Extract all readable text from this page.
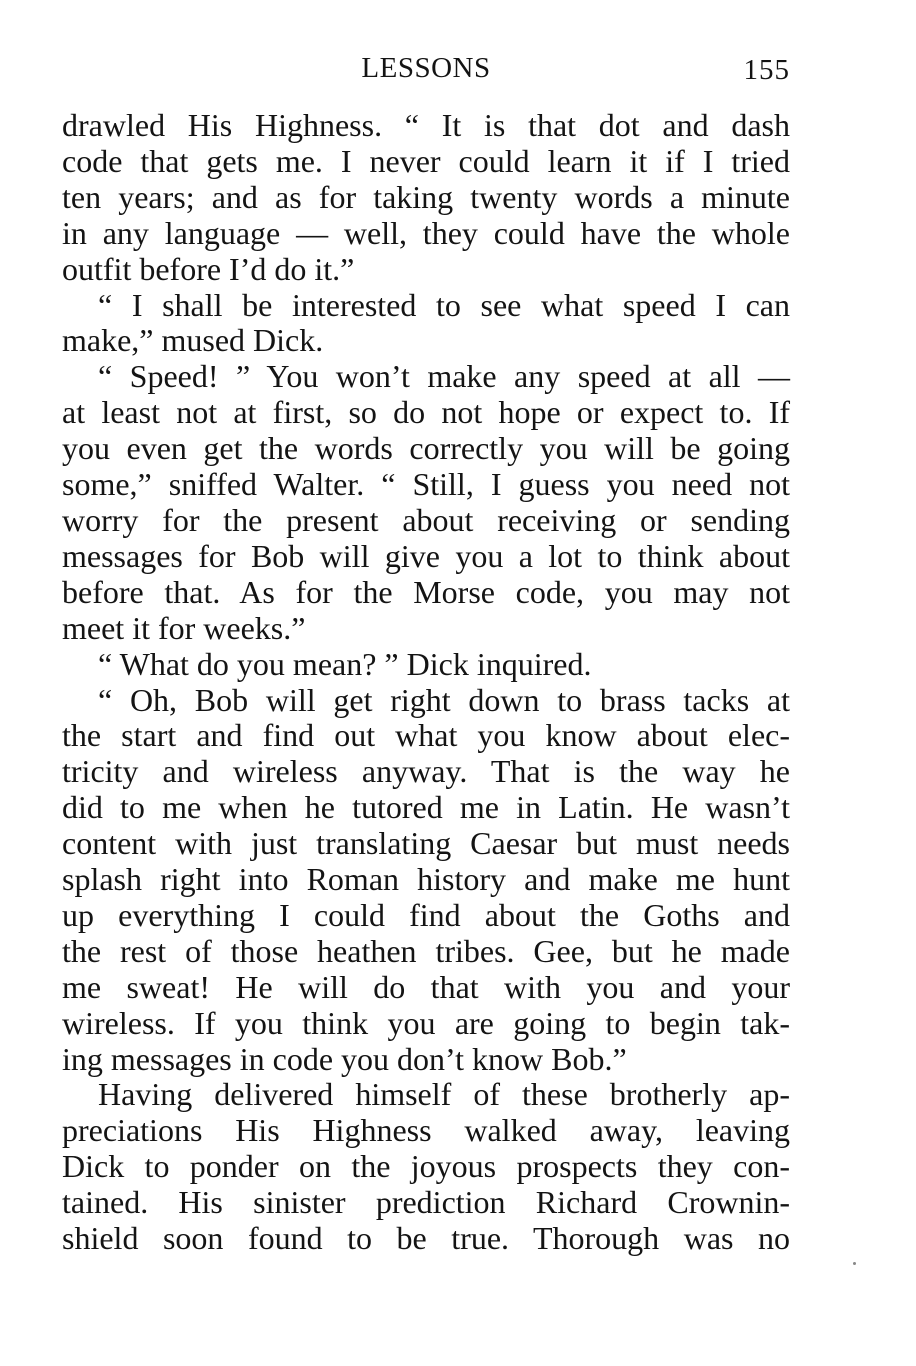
LESSONS	155
drawled His Highness. “ It is that dot and dash
code that gets me. I never could learn it if I tried
ten years; and as for taking twenty words a minute
in any language — well, they could have the whole
outfit before I’d do it.”
“ I shall be interested to see what speed I can
make,” mused Dick.
“ Speed! ” You won’t make any speed at all —
at least not at first, so do not hope or expect to. If
you even get the words correctly you will be going
some,” sniffed Walter. “ Still, I guess you need not
worry for the present about receiving or sending
messages for Bob will give you a lot to think about
before that. As for the Morse code, you may not
meet it for weeks.”
“ What do you mean? ” Dick inquired.
“ Oh, Bob will get right down to brass tacks at
the start and find out what you know about elec-
tricity and wireless anyway. That is the way he
did to me when he tutored me in Latin. He wasn’t
content with just translating Caesar but must needs
splash right into Roman history and make me hunt
up everything I could find about the Goths and
the rest of those heathen tribes. Gee, but he made
me sweat! He will do that with you and your
wireless. If you think you are going to begin tak-
ing messages in code you don’t know Bob.”
Having delivered himself of these brotherly ap-
preciations His Highness walked away, leaving
Dick to ponder on the joyous prospects they con-
tained. His sinister prediction Richard Crownin-
shield soon found to be true. Thorough was no
